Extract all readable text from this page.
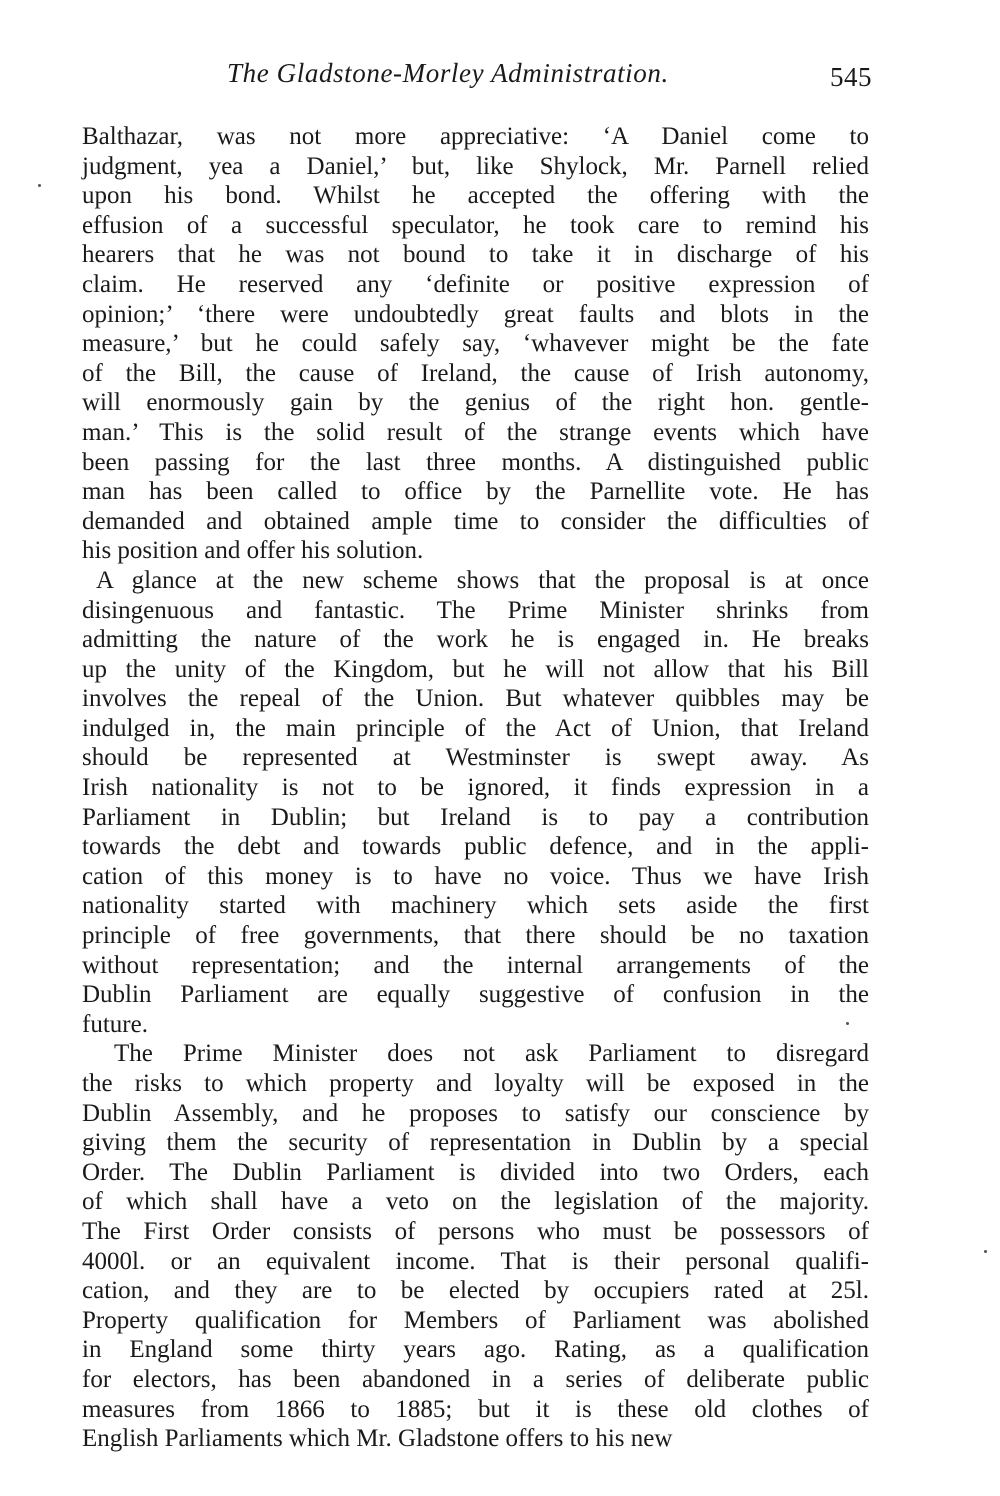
The Gladstone-Morley Administration.	545
Balthazar, was not more appreciative: ‘A Daniel come to
judgment, yea a Daniel,’ but, like Shylock, Mr. Parnell relied
upon his bond. Whilst he accepted the offering with the
effusion of a successful speculator, he took care to remind his
hearers that he was not bound to take it in discharge of his
claim. He reserved any ‘definite or positive expression of
opinion;’ ‘there were undoubtedly great faults and blots in the
measure,’ but he could safely say, ‘whavever might be the fate
of the Bill, the cause of Ireland, the cause of Irish autonomy,
will enormously gain by the genius of the right hon. gentle-
man.’ This is the solid result of the strange events which have
been passing for the last three months. A distinguished public
man has been called to office by the Parnellite vote. He has
demanded and obtained ample time to consider the difficulties of
his position and offer his solution.
A glance at the new scheme shows that the proposal is at once
disingenuous and fantastic. The Prime Minister shrinks from
admitting the nature of the work he is engaged in. He breaks
up the unity of the Kingdom, but he will not allow that his Bill
involves the repeal of the Union. But whatever quibbles may be
indulged in, the main principle of the Act of Union, that Ireland
should be represented at Westminster is swept away. As
Irish nationality is not to be ignored, it finds expression in a
Parliament in Dublin; but Ireland is to pay a contribution
towards the debt and towards public defence, and in the appli-
cation of this money is to have no voice. Thus we have Irish
nationality started with machinery which sets aside the first
principle of free governments, that there should be no taxation
without representation; and the internal arrangements of the
Dublin Parliament are equally suggestive of confusion in the
future.
The Prime Minister does not ask Parliament to disregard
the risks to which property and loyalty will be exposed in the
Dublin Assembly, and he proposes to satisfy our conscience by
giving them the security of representation in Dublin by a special
Order. The Dublin Parliament is divided into two Orders, each
of which shall have a veto on the legislation of the majority.
The First Order consists of persons who must be possessors of
4000l. or an equivalent income. That is their personal qualifi-
cation, and they are to be elected by occupiers rated at 25l.
Property qualification for Members of Parliament was abolished
in England some thirty years ago. Rating, as a qualification
for electors, has been abandoned in a series of deliberate public
measures from 1866 to 1885; but it is these old clothes of
English Parliaments which Mr. Gladstone offers to his new
